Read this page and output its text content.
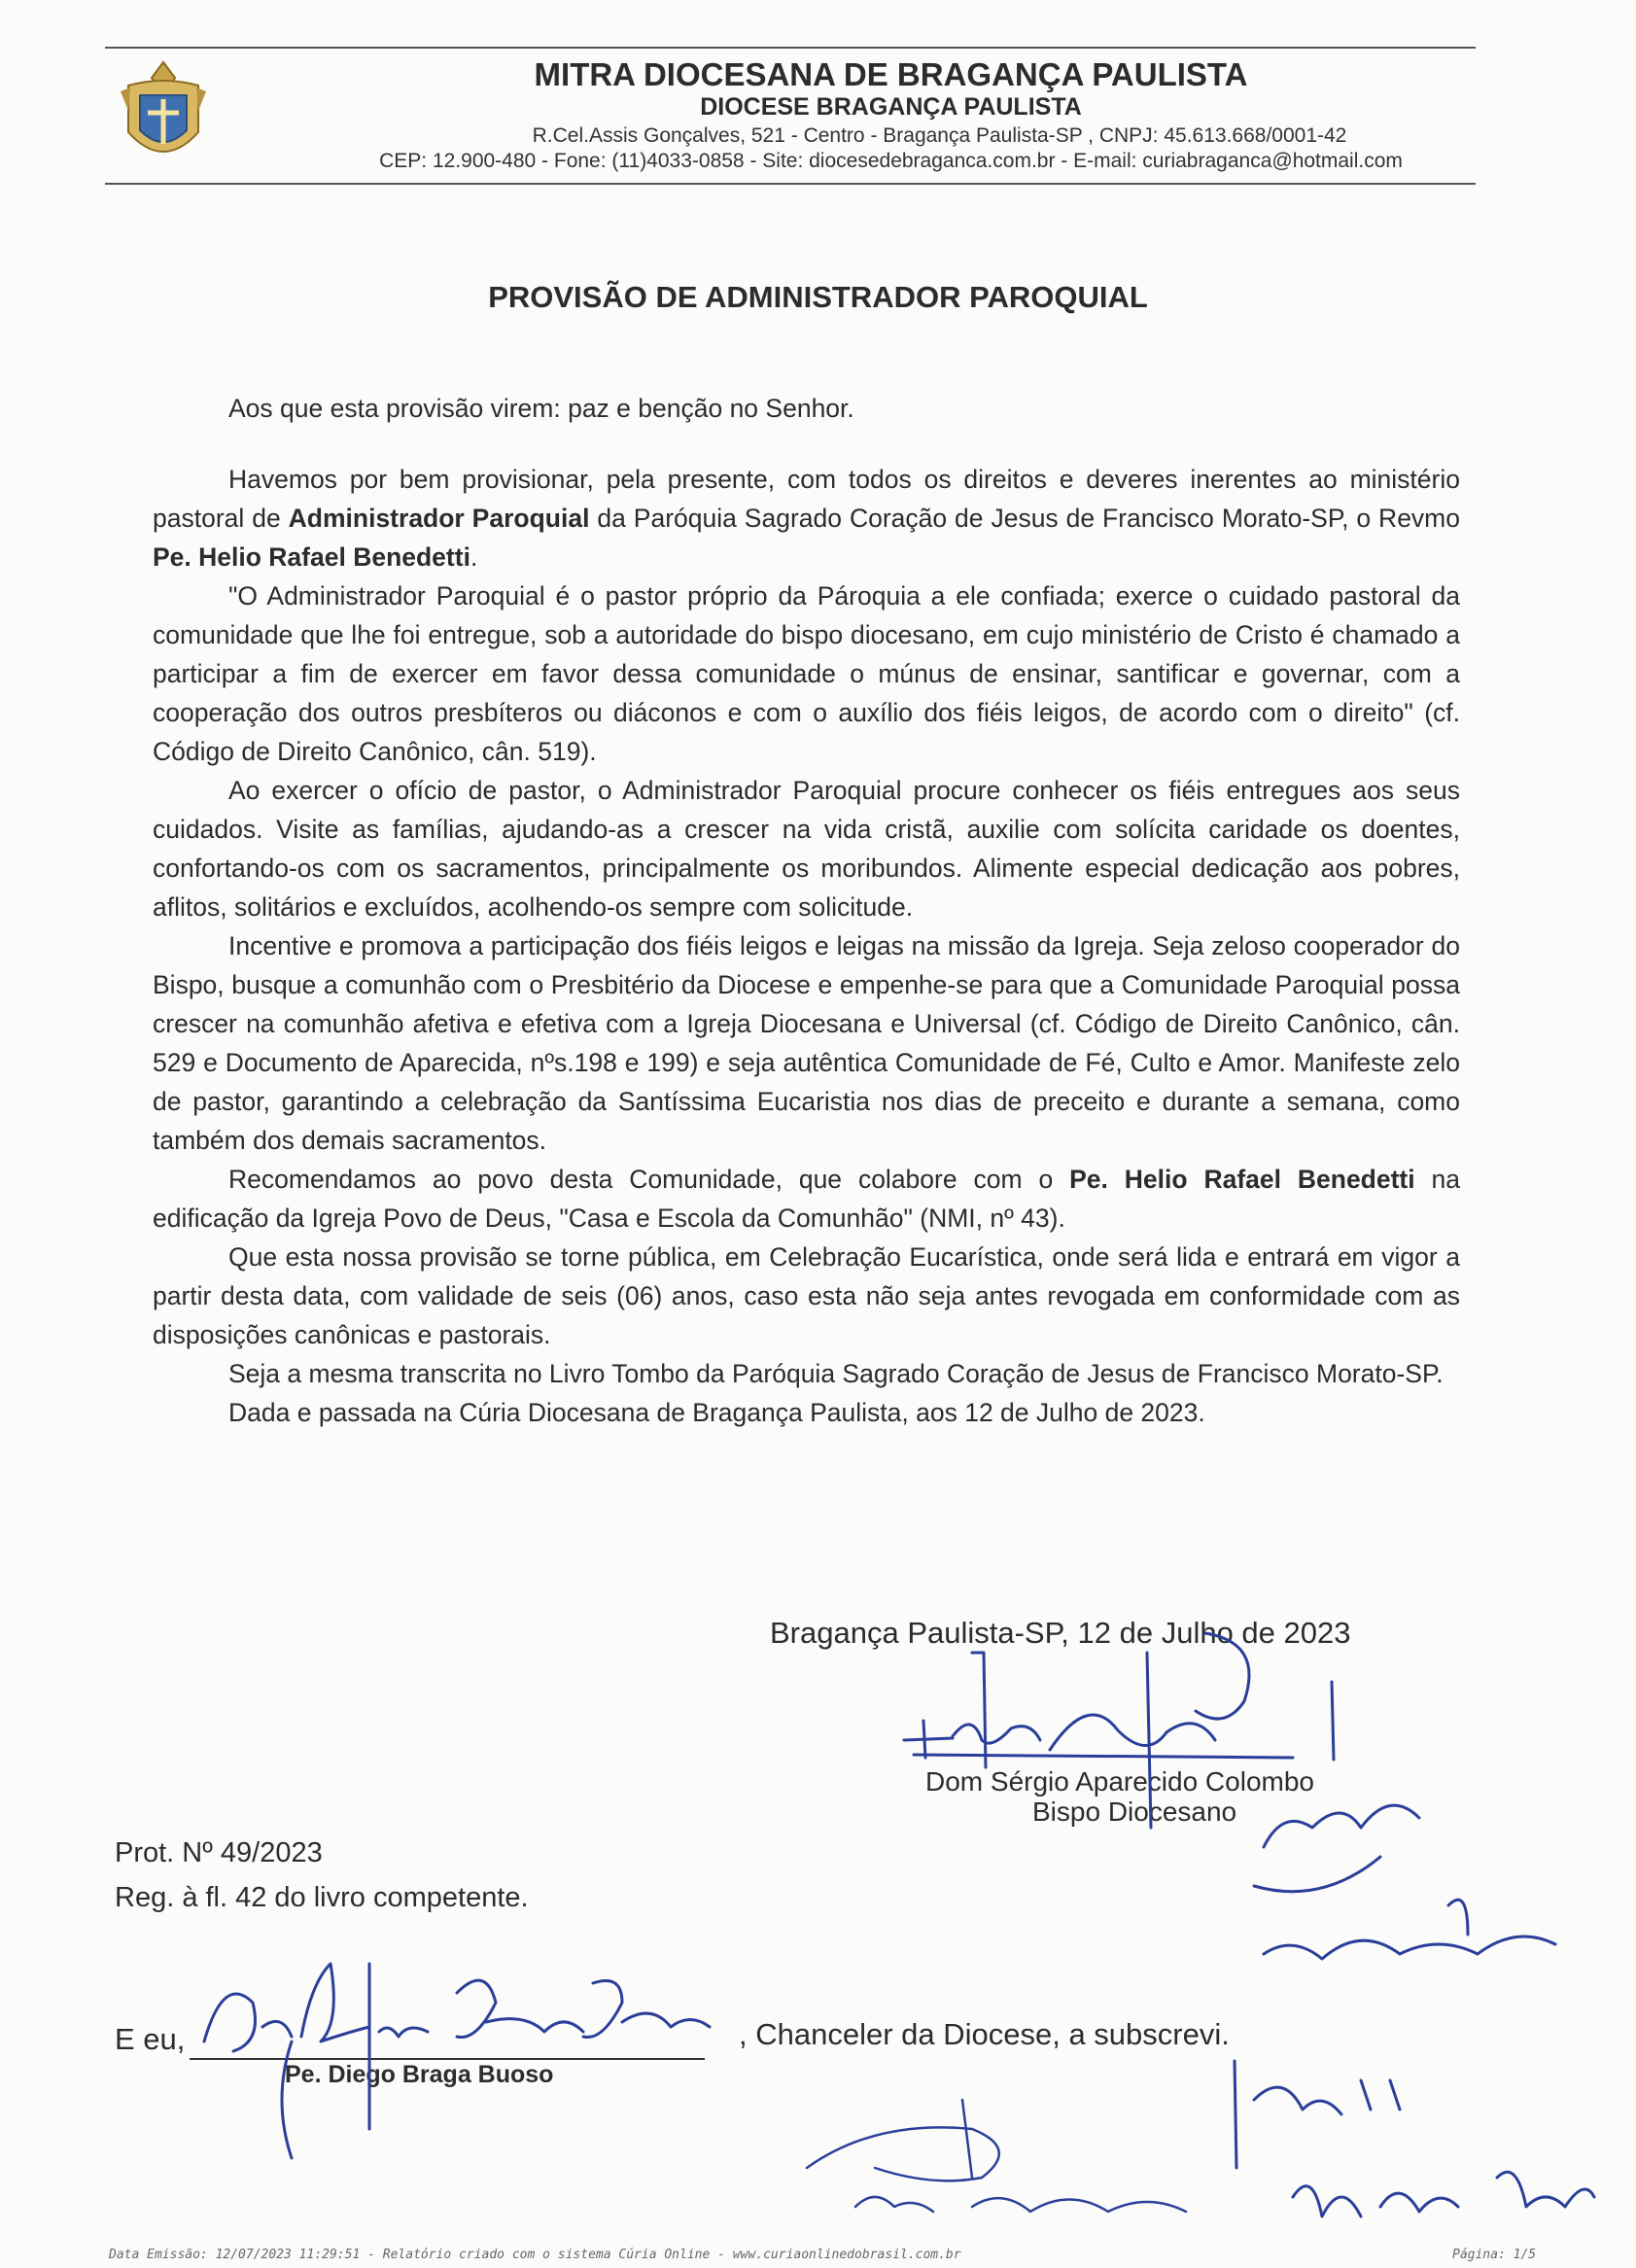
MITRA DIOCESANA DE BRAGANÇA PAULISTA
DIOCESE BRAGANÇA PAULISTA
R.Cel.Assis Gonçalves, 521 - Centro - Bragança Paulista-SP , CNPJ: 45.613.668/0001-42
CEP: 12.900-480 - Fone: (11)4033-0858 - Site: diocesedebraganca.com.br - E-mail: curiabraganca@hotmail.com
PROVISÃO DE ADMINISTRADOR PAROQUIAL

Aos que esta provisão virem: paz e benção no Senhor.

Havemos por bem provisionar, pela presente, com todos os direitos e deveres inerentes ao ministério pastoral de Administrador Paroquial da Paróquia Sagrado Coração de Jesus de Francisco Morato-SP, o Revmo Pe. Helio Rafael Benedetti.

"O Administrador Paroquial é o pastor próprio da Pároquia a ele confiada; exerce o cuidado pastoral da comunidade que lhe foi entregue, sob a autoridade do bispo diocesano, em cujo ministério de Cristo é chamado a participar a fim de exercer em favor dessa comunidade o múnus de ensinar, santificar e governar, com a cooperação dos outros presbíteros ou diáconos e com o auxílio dos fiéis leigos, de acordo com o direito" (cf. Código de Direito Canônico, cân. 519).

Ao exercer o ofício de pastor, o Administrador Paroquial procure conhecer os fiéis entregues aos seus cuidados. Visite as famílias, ajudando-as a crescer na vida cristã, auxilie com solícita caridade os doentes, confortando-os com os sacramentos, principalmente os moribundos. Alimente especial dedicação aos pobres, aflitos, solitários e excluídos, acolhendo-os sempre com solicitude.

Incentive e promova a participação dos fiéis leigos e leigas na missão da Igreja. Seja zeloso cooperador do Bispo, busque a comunhão com o Presbitério da Diocese e empenhe-se para que a Comunidade Paroquial possa crescer na comunhão afetiva e efetiva com a Igreja Diocesana e Universal (cf. Código de Direito Canônico, cân. 529 e Documento de Aparecida, nºs.198 e 199) e seja autêntica Comunidade de Fé, Culto e Amor. Manifeste zelo de pastor, garantindo a celebração da Santíssima Eucaristia nos dias de preceito e durante a semana, como também dos demais sacramentos.

Recomendamos ao povo desta Comunidade, que colabore com o Pe. Helio Rafael Benedetti na edificação da Igreja Povo de Deus, "Casa e Escola da Comunhão" (NMI, nº 43).

Que esta nossa provisão se torne pública, em Celebração Eucarística, onde será lida e entrará em vigor a partir desta data, com validade de seis (06) anos, caso esta não seja antes revogada em conformidade com as disposições canônicas e pastorais.

Seja a mesma transcrita no Livro Tombo da Paróquia Sagrado Coração de Jesus de Francisco Morato-SP.

Dada e passada na Cúria Diocesana de Bragança Paulista, aos 12 de Julho de 2023.

Bragança Paulista-SP, 12 de Julho de 2023
Dom Sérgio Aparecido Colombo
Bispo Diocesano
Prot. Nº 49/2023
Reg. à fl. 42 do livro competente.
E eu,	, Chanceler da Diocese, a subscrevi.
Pe. Diego Braga Buoso
Data Emissão: 12/07/2023 11:29:51 - Relatório criado com o sistema Cúria Online - www.curiaonlinedobrasil.com.br	Página: 1/5
